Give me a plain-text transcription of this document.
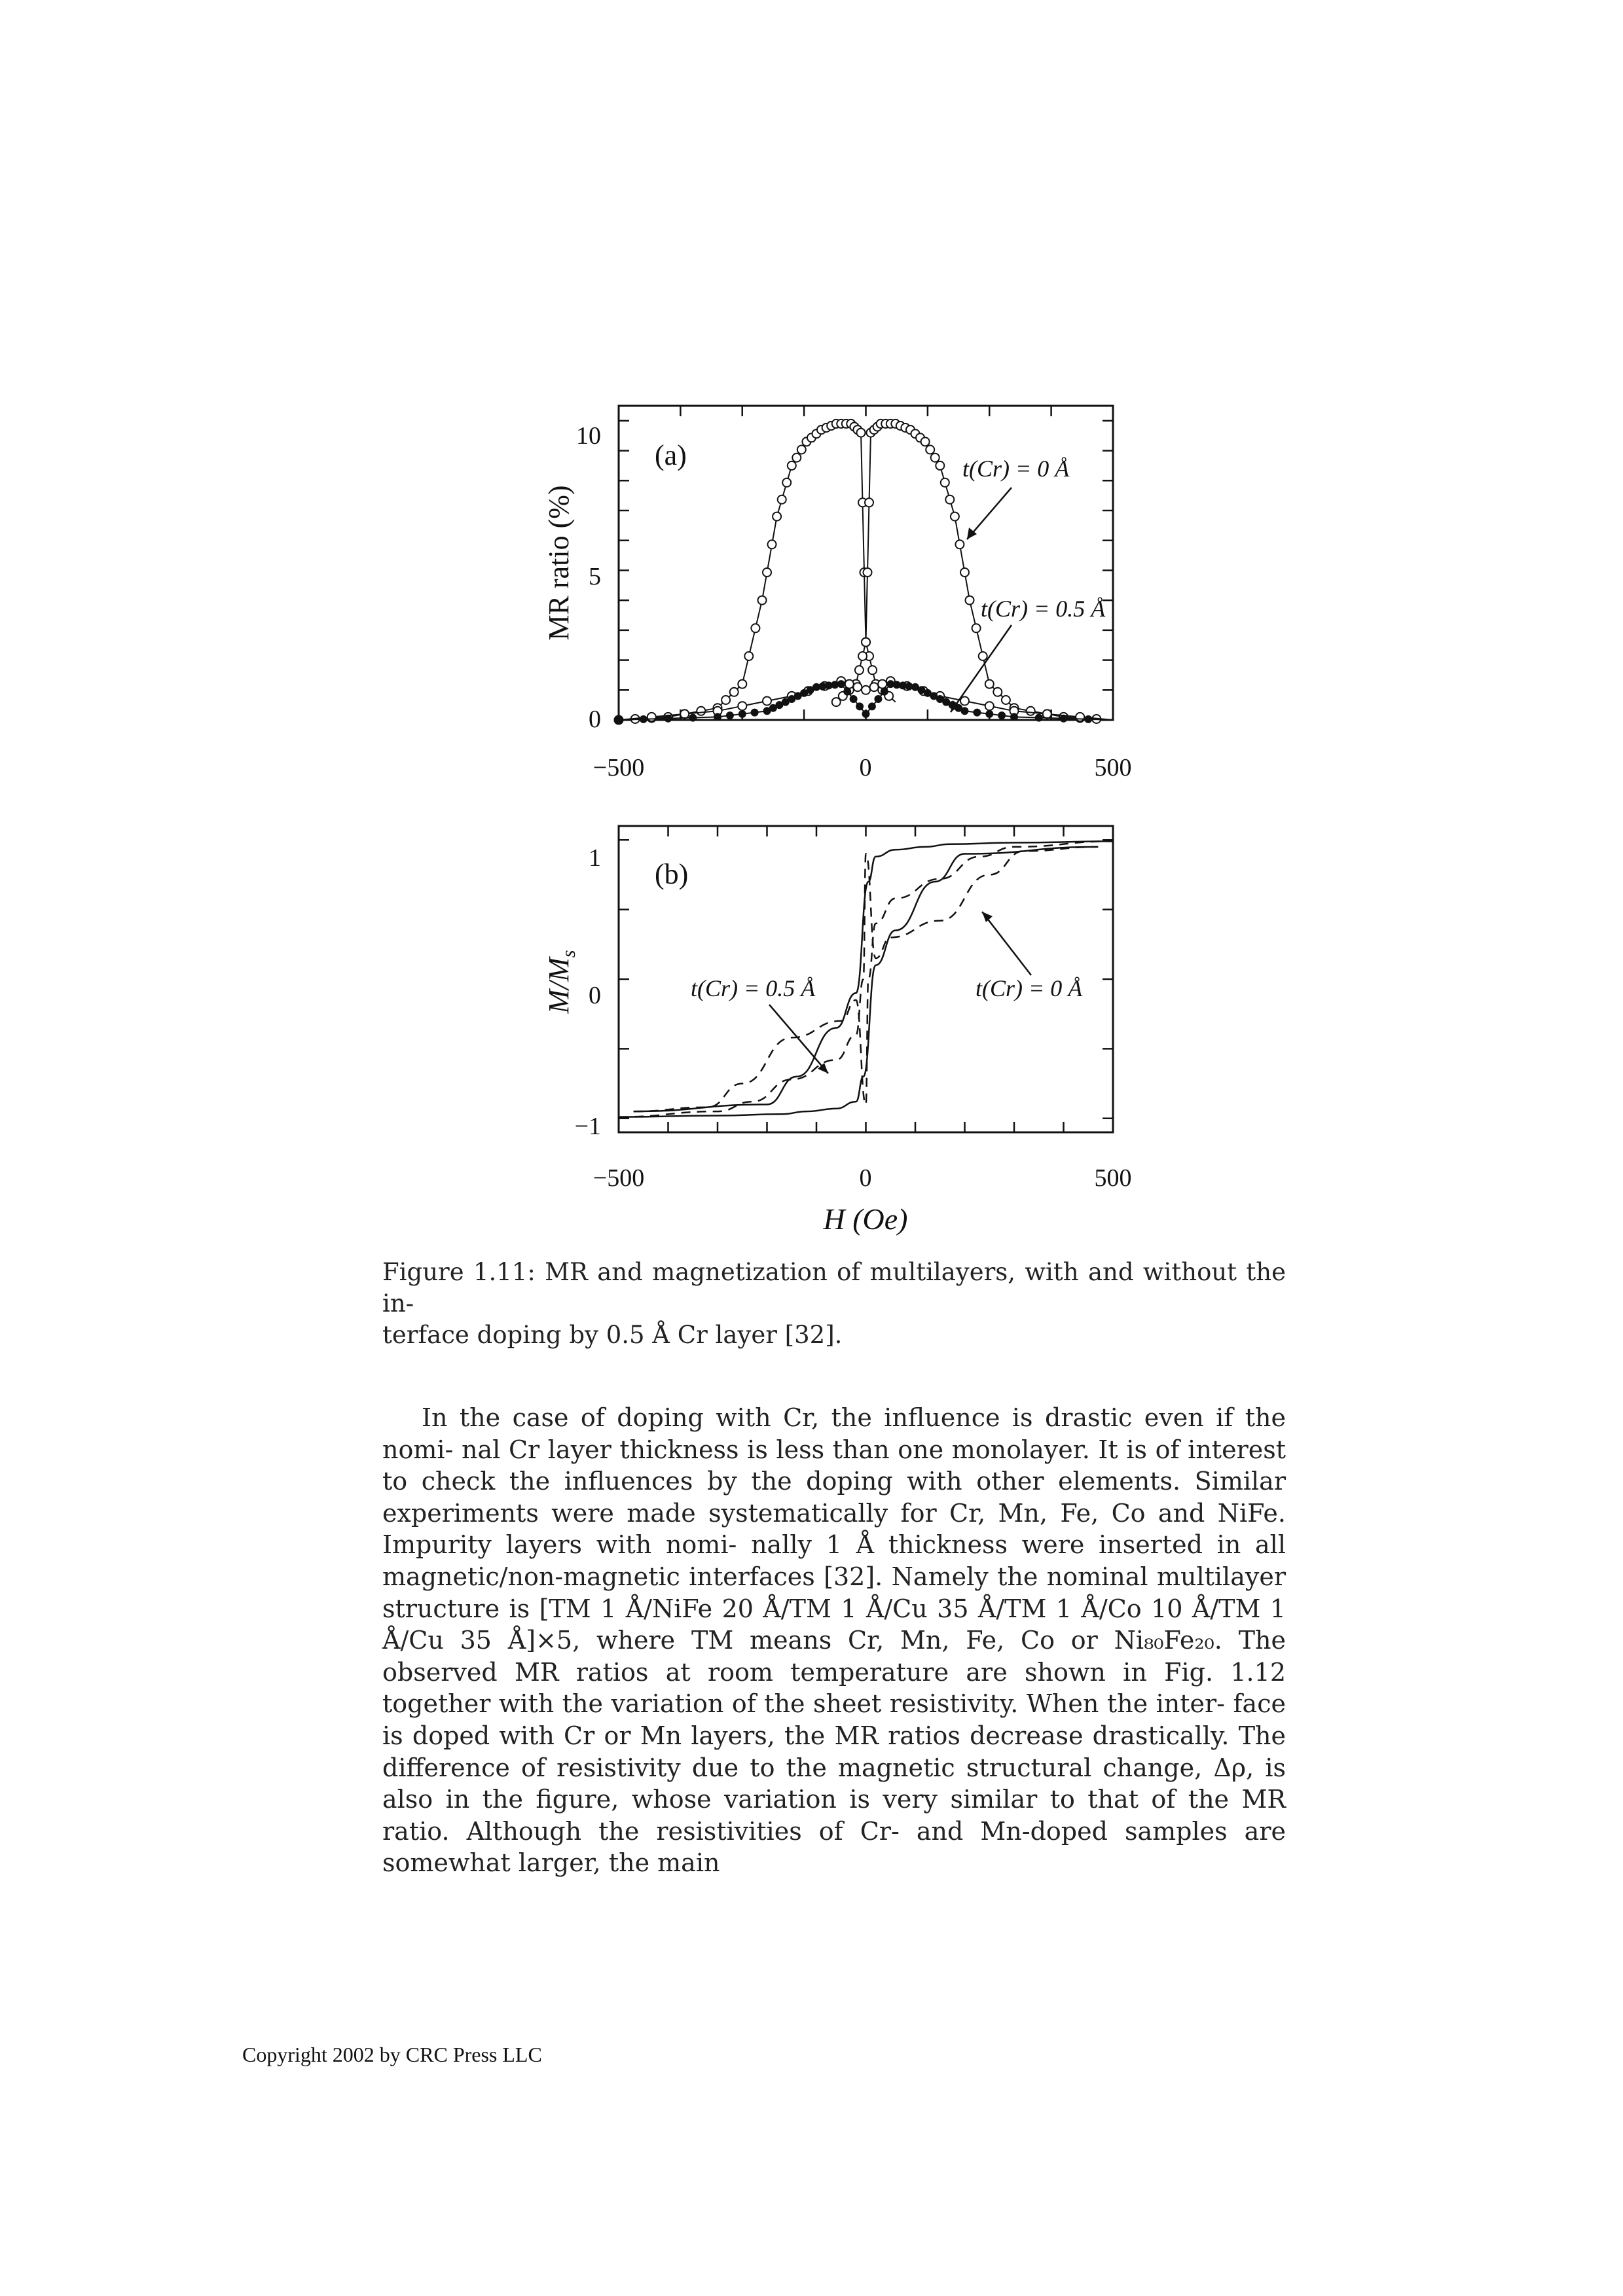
10
5
0
−500	0	500
MR ratio (%)
(a)	t(Cr) = 0 Å
t(Cr) = 0.5 Å
1
0
−1
−500	0	500
$M/M_s$
H (Oe)
(b)
t(Cr) = 0.5 Å	t(Cr) = 0 Å
Figure 1.11: MR and magnetization of multilayers, with and without the in-
terface doping by 0.5 Å Cr layer [32].
In the case of doping with Cr, the influence is drastic even if the nomi- nal Cr layer thickness is less than one monolayer. It is of interest to check the influences by the doping with other elements. Similar experiments were made systematically for Cr, Mn, Fe, Co and NiFe. Impurity layers with nomi- nally 1 Å thickness were inserted in all magnetic/non-magnetic interfaces [32]. Namely the nominal multilayer structure is [TM 1 Å/NiFe 20 Å/TM 1 Å/Cu 35 Å/TM 1 Å/Co 10 Å/TM 1 Å/Cu 35 Å]×5, where TM means Cr, Mn, Fe, Co or Ni₈₀Fe₂₀. The observed MR ratios at room temperature are shown in Fig. 1.12 together with the variation of the sheet resistivity. When the inter- face is doped with Cr or Mn layers, the MR ratios decrease drastically. The difference of resistivity due to the magnetic structural change, Δρ, is also in the figure, whose variation is very similar to that of the MR ratio. Although the resistivities of Cr- and Mn-doped samples are somewhat larger, the main
Copyright 2002 by CRC Press LLC
